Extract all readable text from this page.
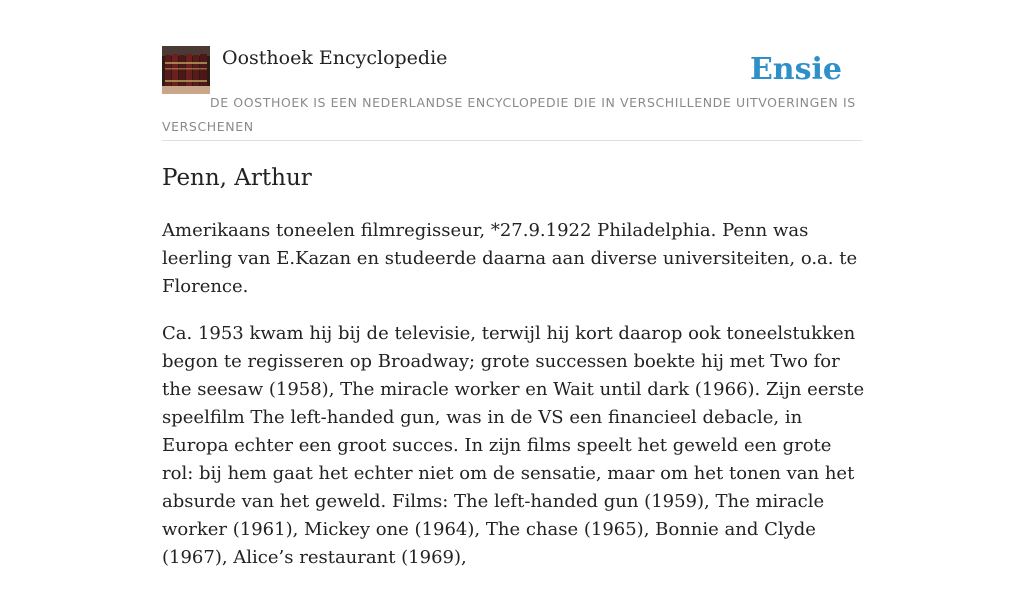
Oosthoek Encyclopedie	Ensie
DE OOSTHOEK IS EEN NEDERLANDSE ENCYCLOPEDIE DIE IN VERSCHILLENDE UITVOERINGEN IS VERSCHENEN
Penn, Arthur

Amerikaans toneelen filmregisseur, *27.9.1922 Philadelphia. Penn was leerling van E.Kazan en studeerde daarna aan diverse universiteiten, o.a. te Florence.

Ca. 1953 kwam hij bij de televisie, terwijl hij kort daarop ook toneelstukken begon te regisseren op Broadway; grote successen boekte hij met Two for the seesaw (1958), The miracle worker en Wait until dark (1966). Zijn eerste speelfilm The left-handed gun, was in de VS een financieel debacle, in Europa echter een groot succes. In zijn films speelt het geweld een grote rol: bij hem gaat het echter niet om de sensatie, maar om het tonen van het absurde van het geweld. Films: The left-handed gun (1959), The miracle worker (1961), Mickey one (1964), The chase (1965), Bonnie and Clyde (1967), Alice’s restaurant (1969),
